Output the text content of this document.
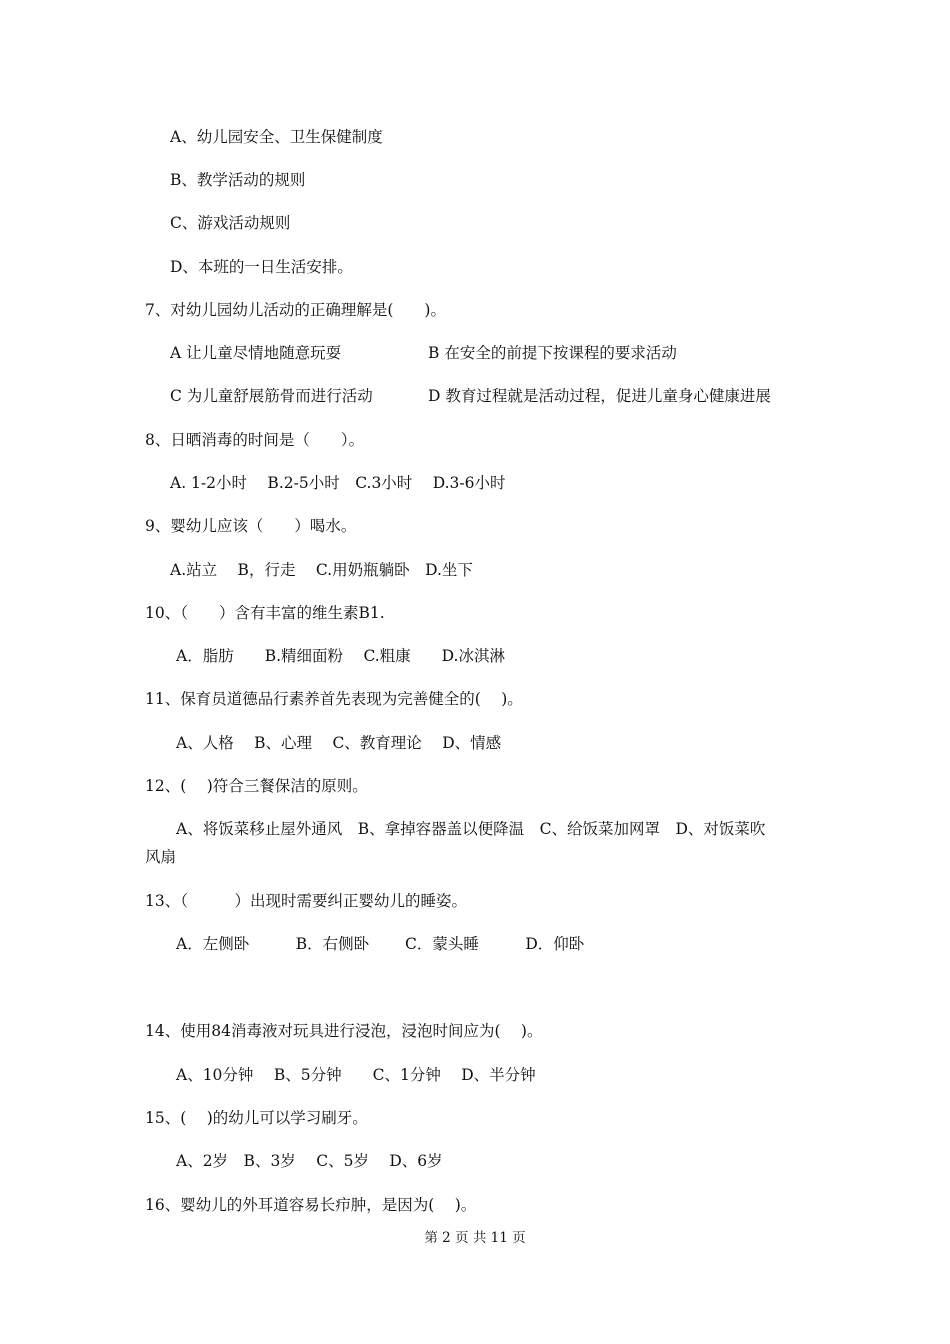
A、幼儿园安全、卫生保健制度
B、教学活动的规则
C、游戏活动规则
D、本班的一日生活安排。
7、对幼儿园幼儿活动的正确理解是(　　)。
A 让儿童尽情地随意玩耍	B 在安全的前提下按课程的要求活动
C 为儿童舒展筋骨而进行活动	D 教育过程就是活动过程，促进儿童身心健康进展
8、日晒消毒的时间是（　　）。
A. 1-2小时　 B.2-5小时　C.3小时　 D.3-6小时
9、婴幼儿应该（　　）喝水。
A.站立　 B，行走　 C.用奶瓶躺卧　D.坐下
10、（　　）含有丰富的维生素B1.
A．脂肪　　B.精细面粉　 C.粗康　　D.冰淇淋
11、保育员道德品行素养首先表现为完善健全的(　 )。
A、人格　 B、心理　 C、教育理论　 D、情感
12、(　 )符合三餐保洁的原则。
A、将饭菜移止屋外通风　B、拿掉容器盖以便降温　C、给饭菜加网罩　D、对饭菜吹
风扇
13、（　　　）出现时需要纠正婴幼儿的睡姿。
A．左侧卧　　　B．右侧卧　　 C．蒙头睡　　　D．仰卧
14、使用84消毒液对玩具进行浸泡，浸泡时间应为(　 )。
A、10分钟　 B、5分钟　　C、1分钟　 D、半分钟
15、(　 )的幼儿可以学习刷牙。
A、2岁　B、3岁　 C、5岁　 D、6岁
16、婴幼儿的外耳道容易长疖肿，是因为(　 )。
第 2 页 共 11 页
